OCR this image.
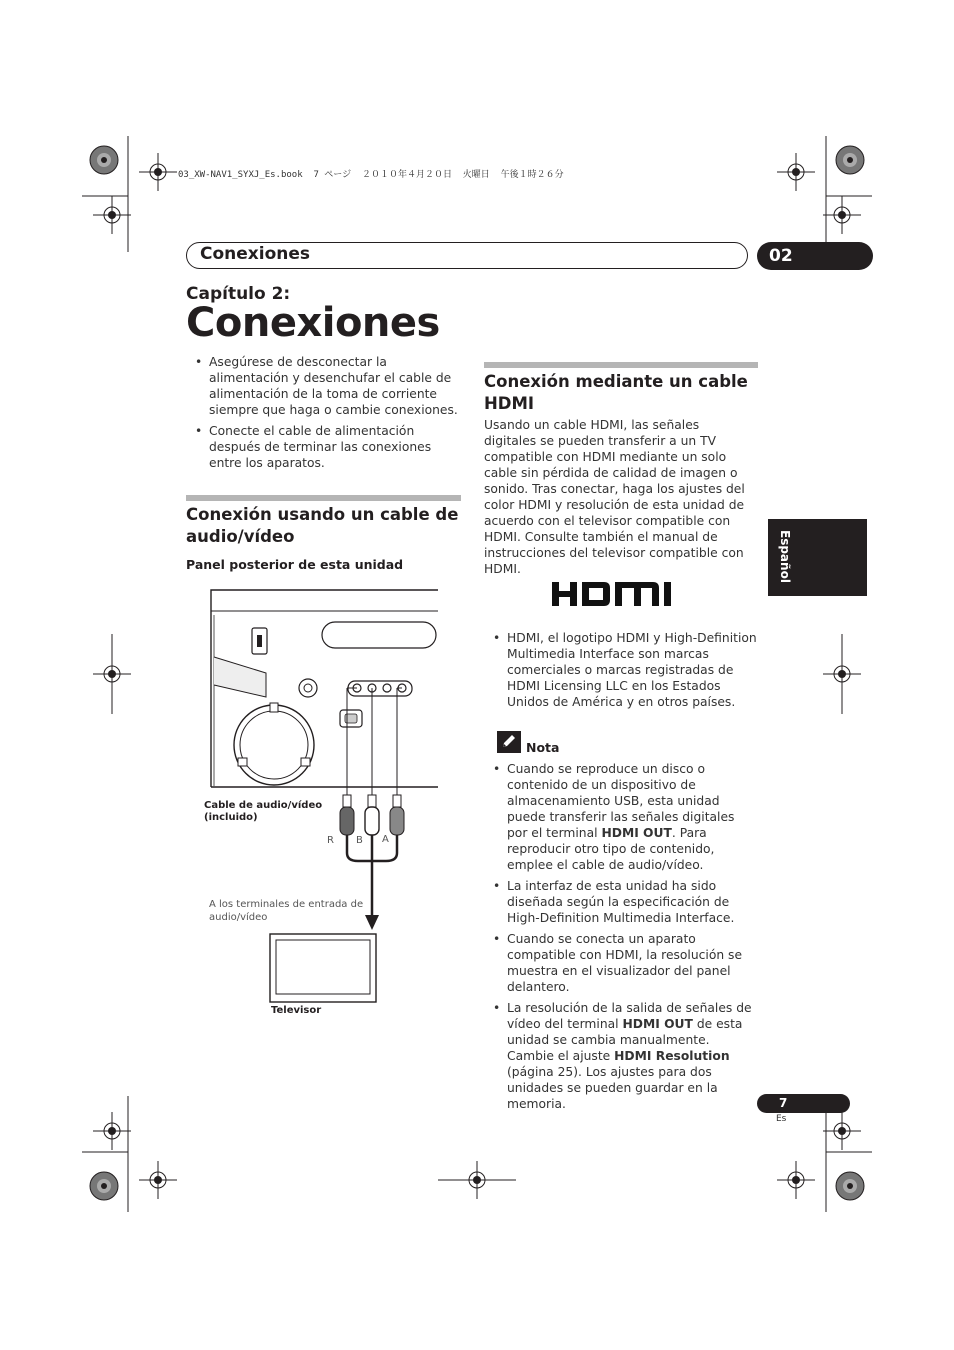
03_XW-NAV1_SYXJ_Es.book  7 ページ  ２０１０年４月２０日  火曜日  午後１時２６分
Conexiones	02
Capítulo 2:
Conexiones
• Asegúrese de desconectar la alimentación y desenchufar el cable de alimentación de la toma de corriente siempre que haga o cambie conexiones.
• Conecte el cable de alimentación después de terminar las conexiones entre los aparatos.
Conexión usando un cable de audio/vídeo
Panel posterior de esta unidad
Cable de audio/vídeo
(incluido)
R B A
A los terminales de entrada de
audio/vídeo
Televisor
Conexión mediante un cable HDMI
Usando un cable HDMI, las señales digitales se pueden transferir a un TV compatible con HDMI mediante un solo cable sin pérdida de calidad de imagen o sonido. Tras conectar, haga los ajustes del color HDMI y resolución de esta unidad de acuerdo con el televisor compatible con HDMI. Consulte también el manual de instrucciones del televisor compatible con HDMI.
• HDMI, el logotipo HDMI y High-Definition Multimedia Interface son marcas comerciales o marcas registradas de HDMI Licensing LLC en los Estados Unidos de América y en otros países.
Nota
• Cuando se reproduce un disco o contenido de un dispositivo de almacenamiento USB, esta unidad puede transferir las señales digitales por el terminal HDMI OUT. Para reproducir otro tipo de contenido, emplee el cable de audio/vídeo.
• La interfaz de esta unidad ha sido diseñada según la especificación de High-Definition Multimedia Interface.
• Cuando se conecta un aparato compatible con HDMI, la resolución se muestra en el visualizador del panel delantero.
• La resolución de la salida de señales de vídeo del terminal HDMI OUT de esta unidad se cambia manualmente. Cambie el ajuste HDMI Resolution (página 25). Los ajustes para dos unidades se pueden guardar en la memoria.
Español
7
Es
